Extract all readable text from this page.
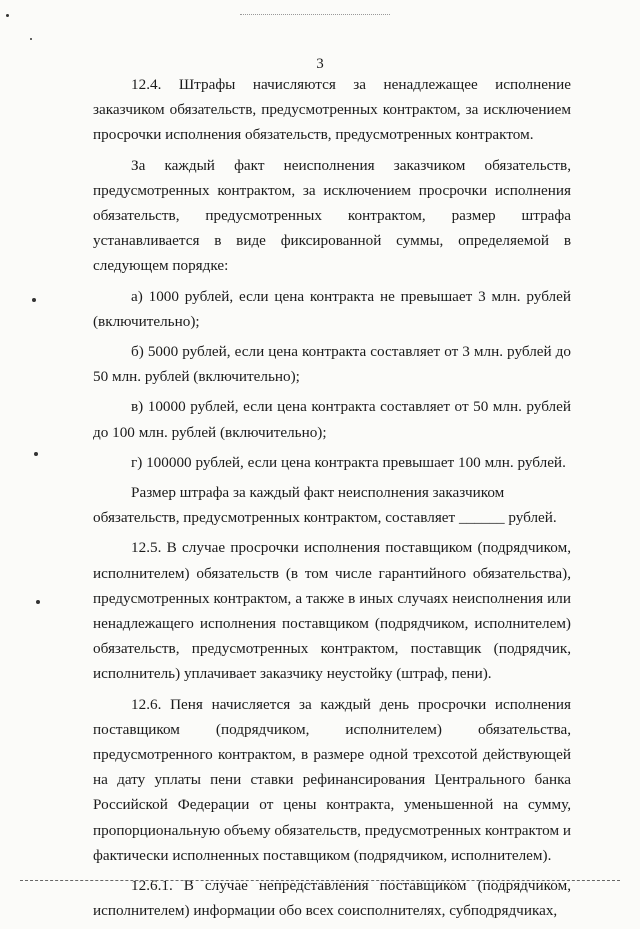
3

12.4. Штрафы начисляются за ненадлежащее исполнение заказчиком обязательств, предусмотренных контрактом, за исключением просрочки исполнения обязательств, предусмотренных контрактом.

За каждый факт неисполнения заказчиком обязательств, предусмотренных контрактом, за исключением просрочки исполнения обязательств, предусмотренных контрактом, размер штрафа устанавливается в виде фиксированной суммы, определяемой в следующем порядке:

а) 1000 рублей, если цена контракта не превышает 3 млн. рублей (включительно);

б) 5000 рублей, если цена контракта составляет от 3 млн. рублей до 50 млн. рублей (включительно);

в) 10000 рублей, если цена контракта составляет от 50 млн. рублей до 100 млн. рублей (включительно);

г) 100000 рублей, если цена контракта превышает 100 млн. рублей.

Размер штрафа за каждый факт неисполнения заказчиком обязательств, предусмотренных контрактом, составляет ______ рублей.

12.5. В случае просрочки исполнения поставщиком (подрядчиком, исполнителем) обязательств (в том числе гарантийного обязательства), предусмотренных контрактом, а также в иных случаях неисполнения или ненадлежащего исполнения поставщиком (подрядчиком, исполнителем) обязательств, предусмотренных контрактом, поставщик (подрядчик, исполнитель) уплачивает заказчику неустойку (штраф, пени).

12.6. Пеня начисляется за каждый день просрочки исполнения поставщиком (подрядчиком, исполнителем) обязательства, предусмотренного контрактом, в размере одной трехсотой действующей на дату уплаты пени ставки рефинансирования Центрального банка Российской Федерации от цены контракта, уменьшенной на сумму, пропорциональную объему обязательств, предусмотренных контрактом и фактически исполненных поставщиком (подрядчиком, исполнителем).

12.6.1. В случае непредставления поставщиком (подрядчиком, исполнителем) информации обо всех соисполнителях, субподрядчиках,
